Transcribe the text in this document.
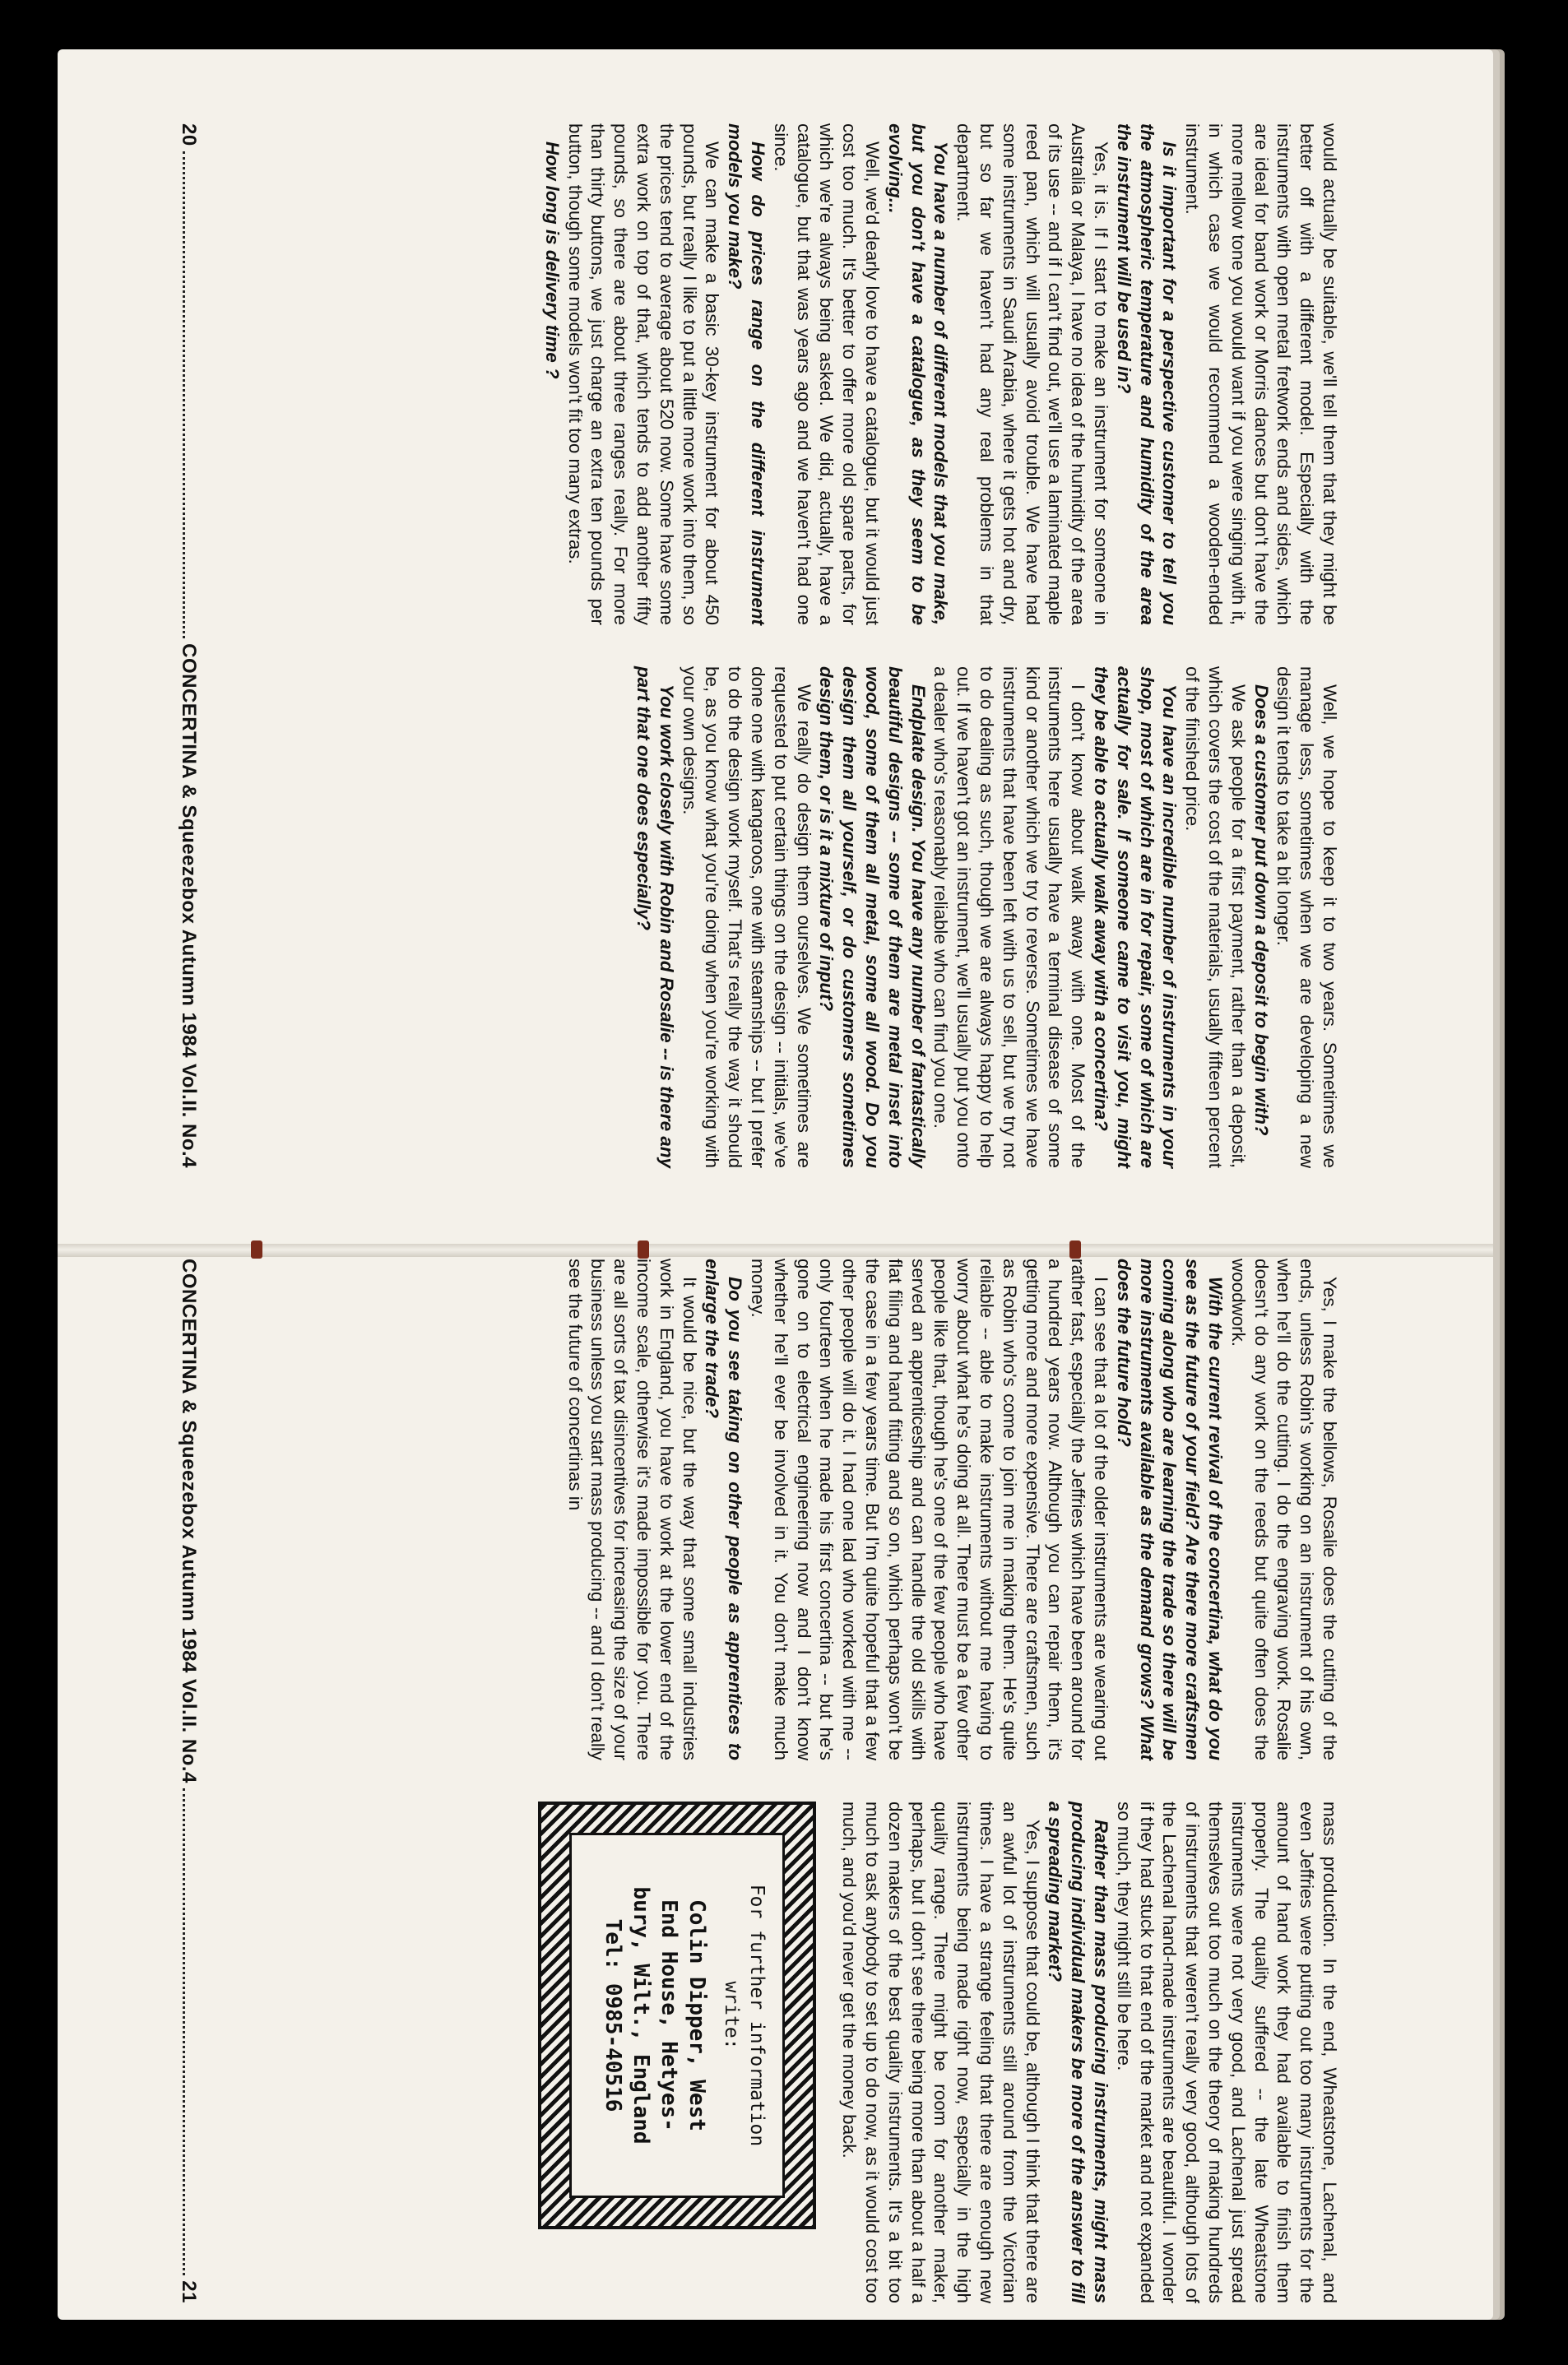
would actually be suitable, we'll tell them that they might be better off with a different model. Especially with the instruments with open metal fretwork ends and sides, which are ideal for band work or Morris dances but don't have the more mellow tone you would want if you were singing with it, in which case we would recommend a wooden-ended instrument.

Is it important for a perspective customer to tell you the atmospheric temperature and humidity of the area the instrument will be used in?

Yes, it is. If I start to make an instrument for someone in Australia or Malaya, I have no idea of the humidity of the area of its use -- and if I can't find out, we'll use a laminated maple reed pan, which will usually avoid trouble. We have had some instruments in Saudi Arabia, where it gets hot and dry, but so far we haven't had any real problems in that department.

You have a number of different models that you make, but you don't have a catalogue, as they seem to be evolving...

Well, we'd dearly love to have a catalogue, but it would just cost too much. It's better to offer more old spare parts, for which we're always being asked. We did, actually, have a catalogue, but that was years ago and we haven't had one since.

How do prices range on the different instrument models you make?

We can make a basic 30-key instrument for about 450 pounds, but really I like to put a little more work into them, so the prices tend to average about 520 now. Some have some extra work on top of that, which tends to add another fifty pounds, so there are about three ranges really. For more than thirty buttons, we just charge an extra ten pounds per button, though some models won't fit too many extras.

How long is delivery time ?

Well, we hope to keep it to two years. Sometimes we manage less, sometimes when we are developing a new design it tends to take a bit longer.

Does a customer put down a deposit to begin with?

We ask people for a first payment, rather than a deposit, which covers the cost of the materials, usually fifteen percent of the finished price.

You have an incredible number of instruments in your shop, most of which are in for repair, some of which are actually for sale. If someone came to visit you, might they be able to actually walk away with a concertina?

I don't know about walk away with one. Most of the instruments here usually have a terminal disease of some kind or another which we try to reverse. Sometimes we have instruments that have been left with us to sell, but we try not to do dealing as such, though we are always happy to help out. If we haven't got an instrument, we'll usually put you onto a dealer who's reasonably reliable who can find you one.

Endplate design. You have any number of fantastically beautiful designs -- some of them are metal inset into wood, some of them all metal, some all wood. Do you design them all yourself, or do customers sometimes design them, or is it a mixture of input?

We really do design them ourselves. We sometimes are requested to put certain things on the design -- initials, we've done one with kangaroos, one with steamships -- but I prefer to do the design work myself. That's really the way it should be, as you know what you're doing when you're working with your own designs.

You work closely with Robin and Rosalie -- is there any part that one does especially?

20
CONCERTINA & Squeezebox Autumn 1984 Vol.II. No.4

Yes, I make the bellows, Rosalie does the cutting of the ends, unless Robin's working on an instrument of his own, when he'll do the cutting. I do the engraving work. Rosalie doesn't do any work on the reeds but quite often does the woodwork.

With the current revival of the concertina, what do you see as the future of your field? Are there more craftsmen coming along who are learning the trade so there will be more instruments available as the demand grows? What does the future hold?

I can see that a lot of the older instruments are wearing out rather fast, especially the Jeffries which have been around for a hundred years now. Although you can repair them, it's getting more and more expensive. There are craftsmen, such as Robin who's come to join me in making them. He's quite reliable -- able to make instruments without me having to worry about what he's doing at all. There must be a few other people like that, though he's one of the few people who have served an apprenticeship and can handle the old skills with flat filing and hand fitting and so on, which perhaps won't be the case in a few years time. But I'm quite hopeful that a few other people will do it. I had one lad who worked with me -- only fourteen when he made his first concertina -- but he's gone on to electrical engineering now and I don't know whether he'll ever be involved in it. You don't make much money.

Do you see taking on other people as apprentices to enlarge the trade?

It would be nice, but the way that some small industries work in England, you have to work at the lower end of the income scale, otherwise it's made impossible for you. There are all sorts of tax disincentives for increasing the size of your business unless you start mass producing -- and I don't really see the future of concertinas in

mass production. In the end, Wheatstone, Lachenal, and even Jeffries were putting out too many instruments for the amount of hand work they had available to finish them properly. The quality suffered -- the late Wheatstone instruments were not very good, and Lachenal just spread themselves out too much on the theory of making hundreds of instruments that weren't really very good, although lots of the Lachenal hand-made instruments are beautiful. I wonder if they had stuck to that end of the market and not expanded so much, they might still be here.

Rather than mass producing instruments, might mass producing individual makers be more of the answer to fill a spreading market?

Yes, I suppose that could be, although I think that there are an awful lot of instruments still around from the Victorian times. I have a strange feeling that there are enough new instruments being made right now, especially in the high quality range. There might be room for another maker, perhaps, but I don't see there being more than about a half a dozen makers of the best quality instruments. It's a bit too much to ask anybody to set up to do now, as it would cost too much, and you'd never get the money back.

For further information
write:
Colin Dipper, West
End House, Hetyes-
bury, Wilt., England
Tel: 0985-40516
CONCERTINA & Squeezebox Autumn 1984 Vol.II. No.4
21
